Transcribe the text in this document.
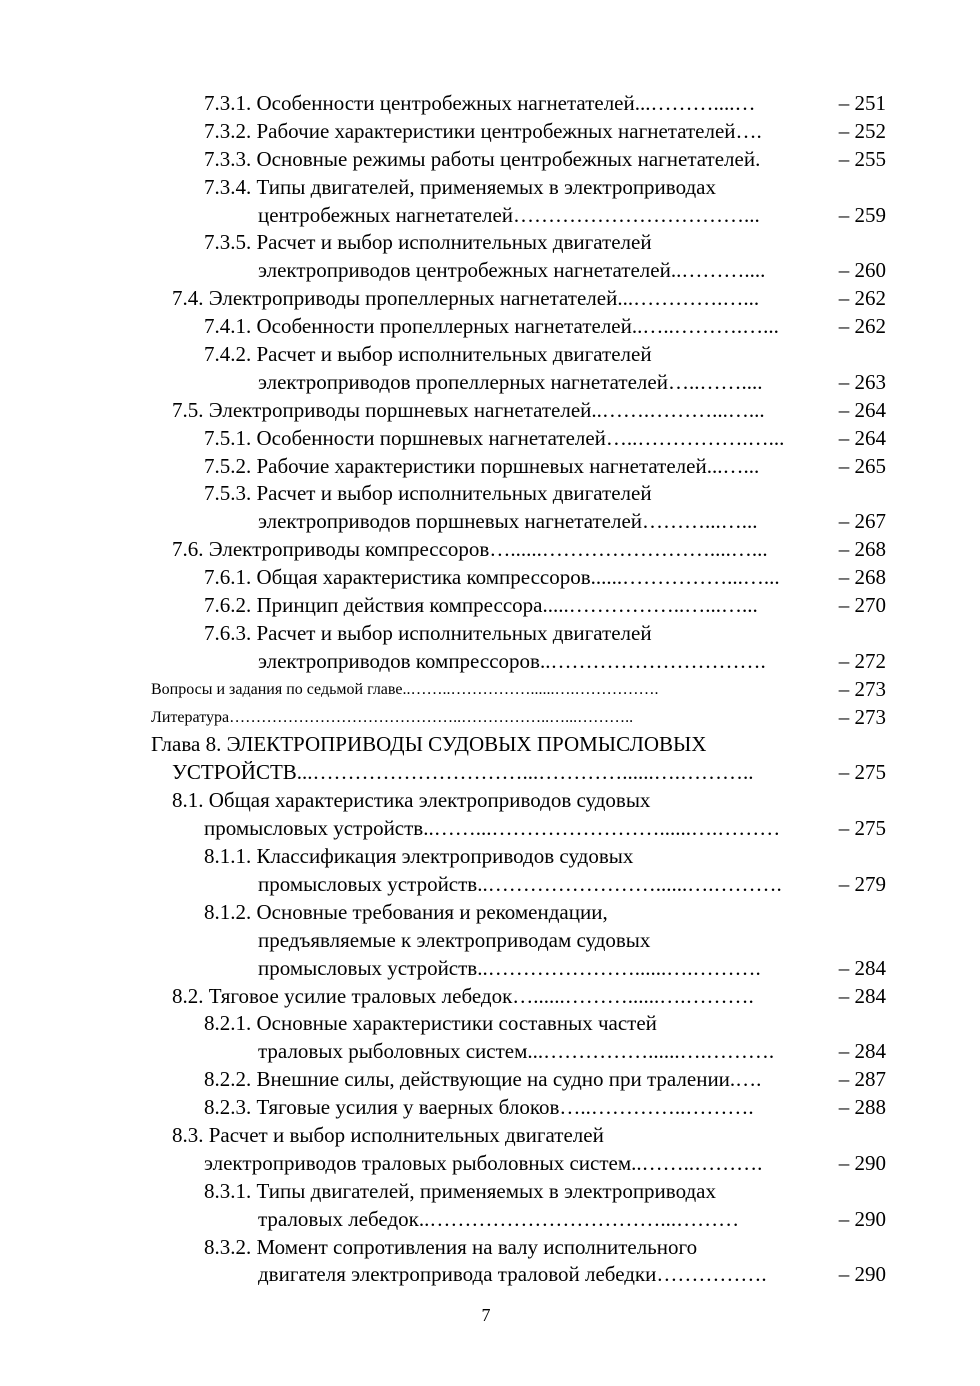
7.3.1. Особенности центробежных нагнетателей...………....…	– 251
7.3.2. Рабочие характеристики центробежных нагнетателей….	– 252
7.3.3. Основные режимы работы центробежных нагнетателей.	– 255
7.3.4. Типы двигателей, применяемых в электроприводах
центробежных нагнетателей……………………………...	– 259
7.3.5. Расчет и выбор исполнительных двигателей
электроприводов центробежных нагнетателей..………....	– 260
7.4. Электроприводы пропеллерных нагнетателей...………….…...	– 262
7.4.1. Особенности пропеллерных нагнетателей..…..……….…...	– 262
7.4.2. Расчет и выбор исполнительных двигателей
электроприводов пропеллерных нагнетателей…..……....	– 263
7.5. Электроприводы поршневых нагнетателей..…….………...…...	– 264
7.5.1. Особенности поршневых нагнетателей…..…………….…...	– 264
7.5.2. Рабочие характеристики поршневых нагнетателей...…...	– 265
7.5.3. Расчет и выбор исполнительных двигателей
электроприводов поршневых нагнетателей………...…...	– 267
7.6. Электроприводы компрессоров…......……………………....…...	– 268
7.6.1. Общая характеристика компрессоров......……………...…...	– 268
7.6.2. Принцип действия компрессора.....……………..…...…...	– 270
7.6.3. Расчет и выбор исполнительных двигателей
электроприводов компрессоров..………………………….	– 272
Вопросы и задания по седьмой главе..……..……………......….…………….	– 273
Литература……………………………………..……………..…...………..	– 273
Глава 8. ЭЛЕКТРОПРИВОДЫ СУДОВЫХ ПРОМЫСЛОВЫХ
УСТРОЙСТВ...…………………………...…………......….………..	– 275
8.1. Общая характеристика электроприводов судовых
промысловых устройств..……...……………………......….………	– 275
8.1.1. Классификация электроприводов судовых
промысловых устройств..……………………......….……….	– 279
8.1.2. Основные требования и рекомендации,
предъявляемые к электроприводам судовых
промысловых устройств..…………………......….……….	– 284
8.2. Тяговое усилие траловых лебедок…......………......….……….	– 284
8.2.1. Основные характеристики составных частей
траловых рыболовных систем...……………......….……….	– 284
8.2.2. Внешние силы, действующие на судно при тралении.….	– 287
8.2.3. Тяговые усилия у ваерных блоков…..…………..……….	– 288
8.3. Расчет и выбор исполнительных двигателей
электроприводов траловых рыболовных систем..……..……….	– 290
8.3.1. Типы двигателей, применяемых в электроприводах
траловых лебедок..……………………………...………	– 290
8.3.2. Момент сопротивления на валу исполнительного
двигателя электропривода траловой лебедки…………….	– 290
7
